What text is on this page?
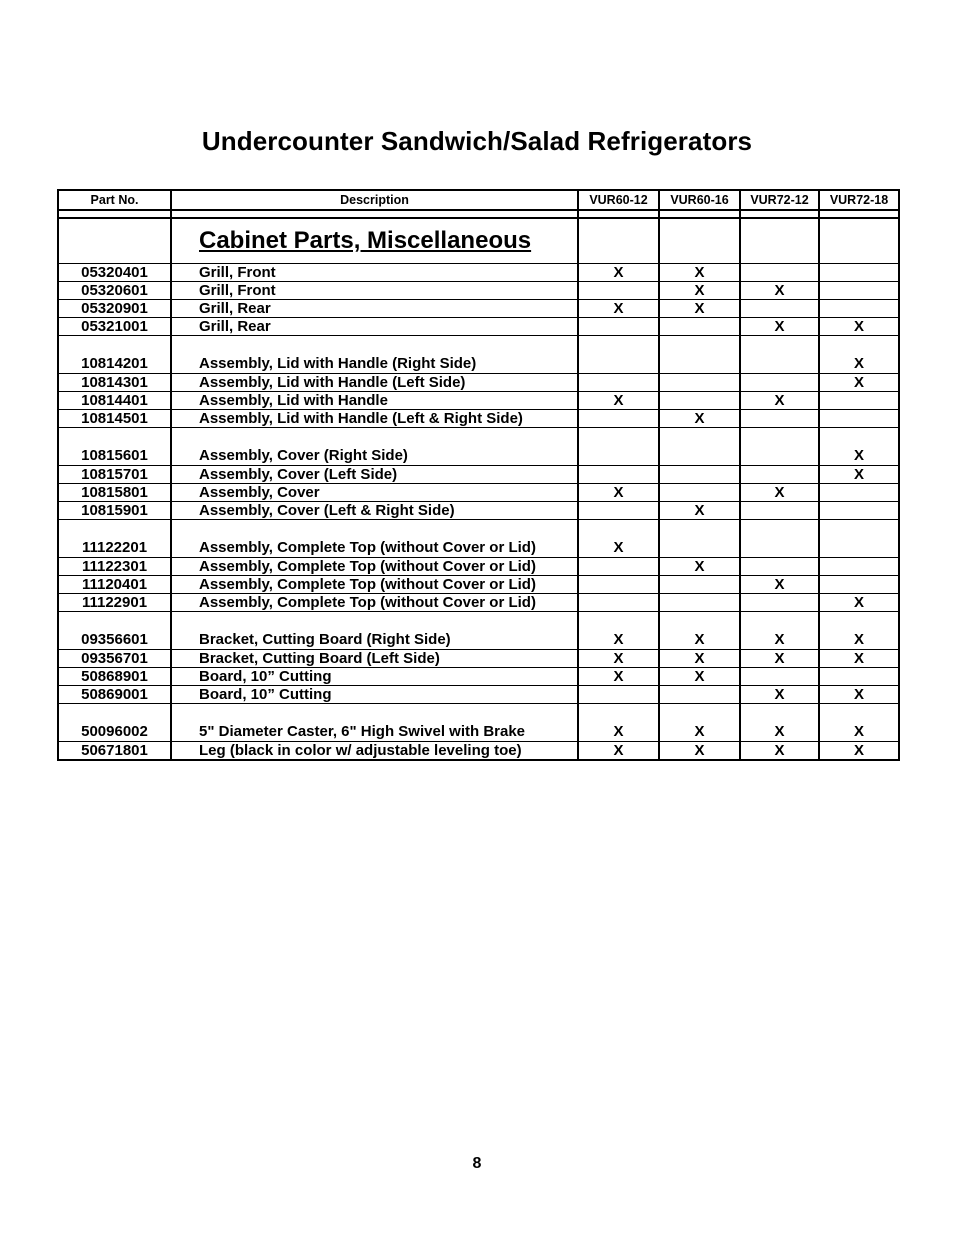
Undercounter Sandwich/Salad Refrigerators
Part No.	Description	VUR60-12	VUR60-16	VUR72-12	VUR72-18

	Cabinet Parts, Miscellaneous				
05320401	Grill, Front	X	X		
05320601	Grill, Front		X	X	
05320901	Grill, Rear	X	X		
05321001	Grill, Rear			X	X
10814201	Assembly, Lid with Handle (Right Side)				X
10814301	Assembly, Lid with Handle (Left Side)				X
10814401	Assembly, Lid with Handle	X		X	
10814501	Assembly, Lid with Handle (Left & Right Side)		X		
10815601	Assembly, Cover (Right Side)				X
10815701	Assembly, Cover (Left Side)				X
10815801	Assembly, Cover	X		X	
10815901	Assembly, Cover (Left & Right Side)		X		
11122201	Assembly, Complete Top (without Cover or Lid)	X			
11122301	Assembly, Complete Top (without Cover or Lid)		X		
11120401	Assembly, Complete Top (without Cover or Lid)			X	
11122901	Assembly, Complete Top (without Cover or Lid)				X
09356601	Bracket, Cutting Board (Right Side)	X	X	X	X
09356701	Bracket, Cutting Board (Left Side)	X	X	X	X
50868901	Board, 10” Cutting	X	X		
50869001	Board, 10” Cutting			X	X
50096002	5" Diameter Caster, 6" High Swivel with Brake	X	X	X	X
50671801	Leg (black in color w/ adjustable leveling toe)	X	X	X	X
8
